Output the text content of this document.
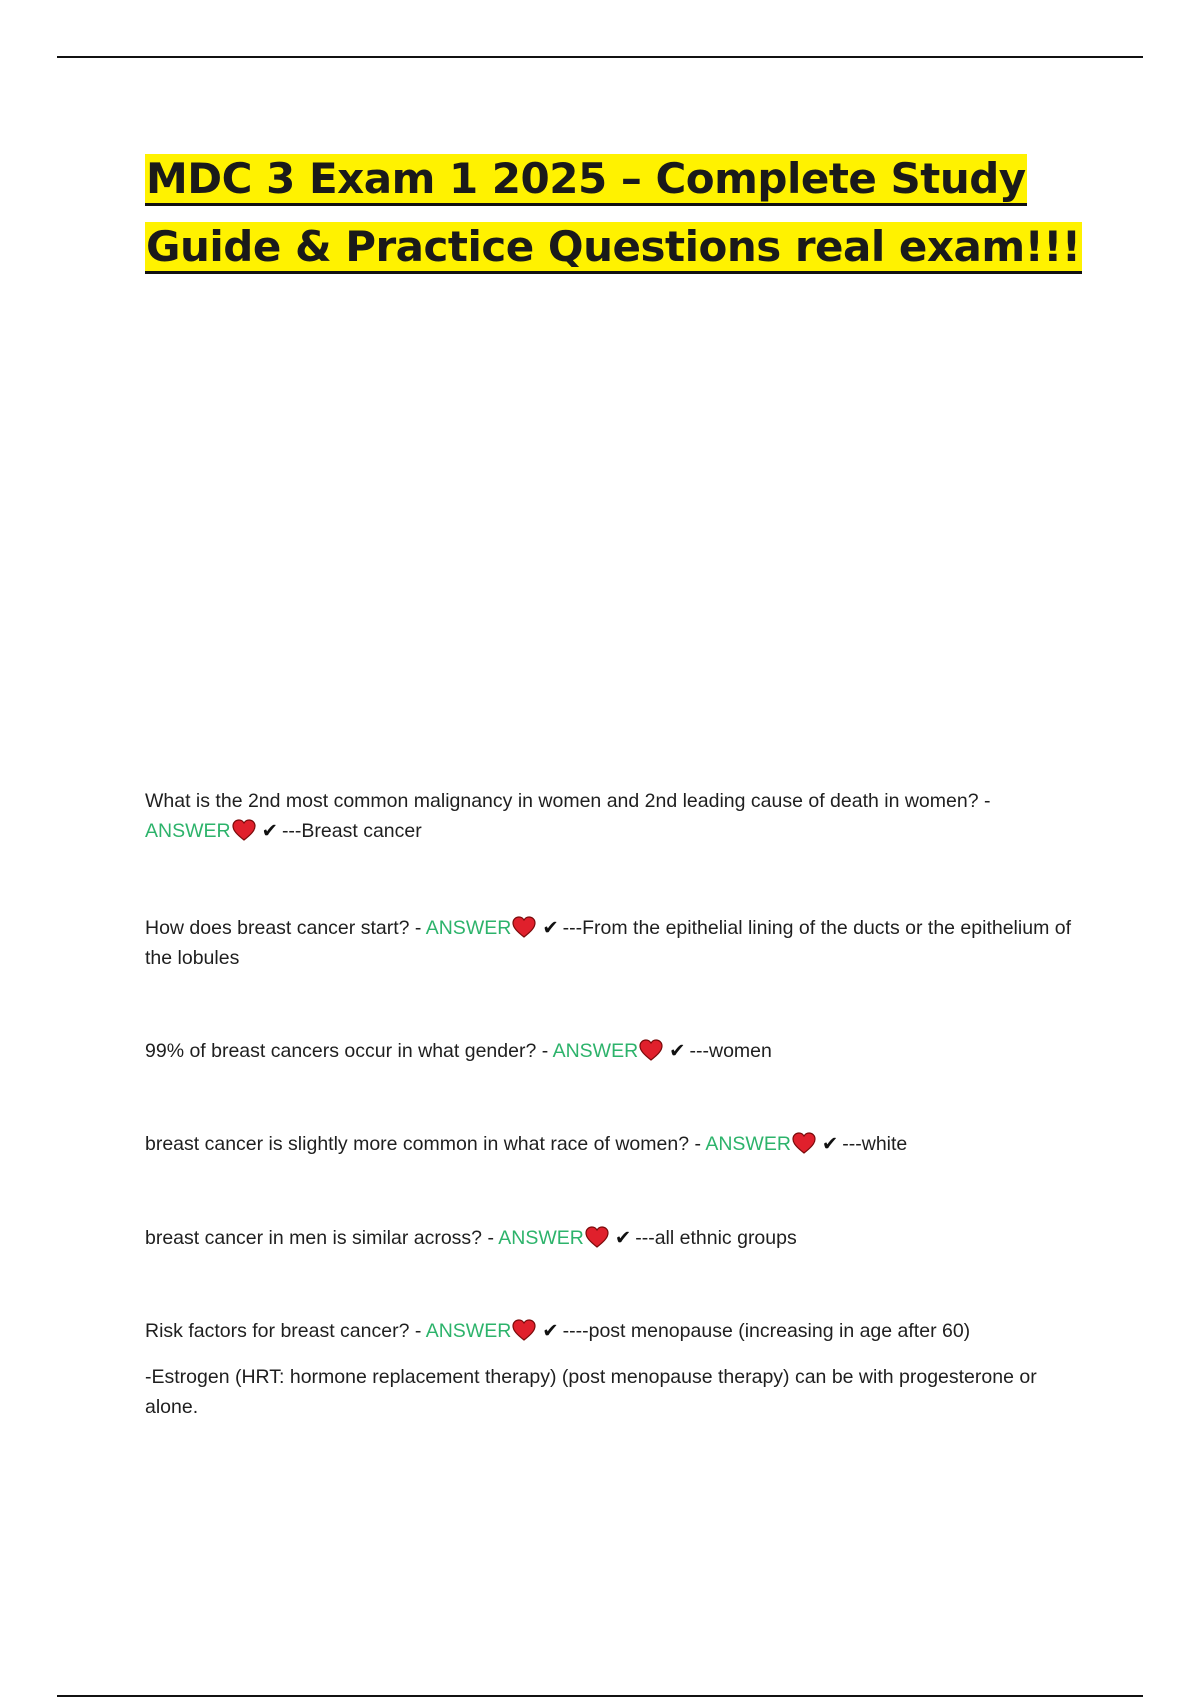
MDC 3 Exam 1 2025 – Complete Study
Guide & Practice Questions real exam!!!
What is the 2nd most common malignancy in women and 2nd leading cause of death in women? -
ANSWER ✔ ---Breast cancer
How does breast cancer start? - ANSWER ✔ ---From the epithelial lining of the ducts or the epithelium of the lobules
99% of breast cancers occur in what gender? - ANSWER ✔ ---women
breast cancer is slightly more common in what race of women? - ANSWER ✔ ---white
breast cancer in men is similar across? - ANSWER ✔ ---all ethnic groups
Risk factors for breast cancer? - ANSWER ✔ ----post menopause (increasing in age after 60)
-Estrogen (HRT: hormone replacement therapy) (post menopause therapy) can be with progesterone or alone.
